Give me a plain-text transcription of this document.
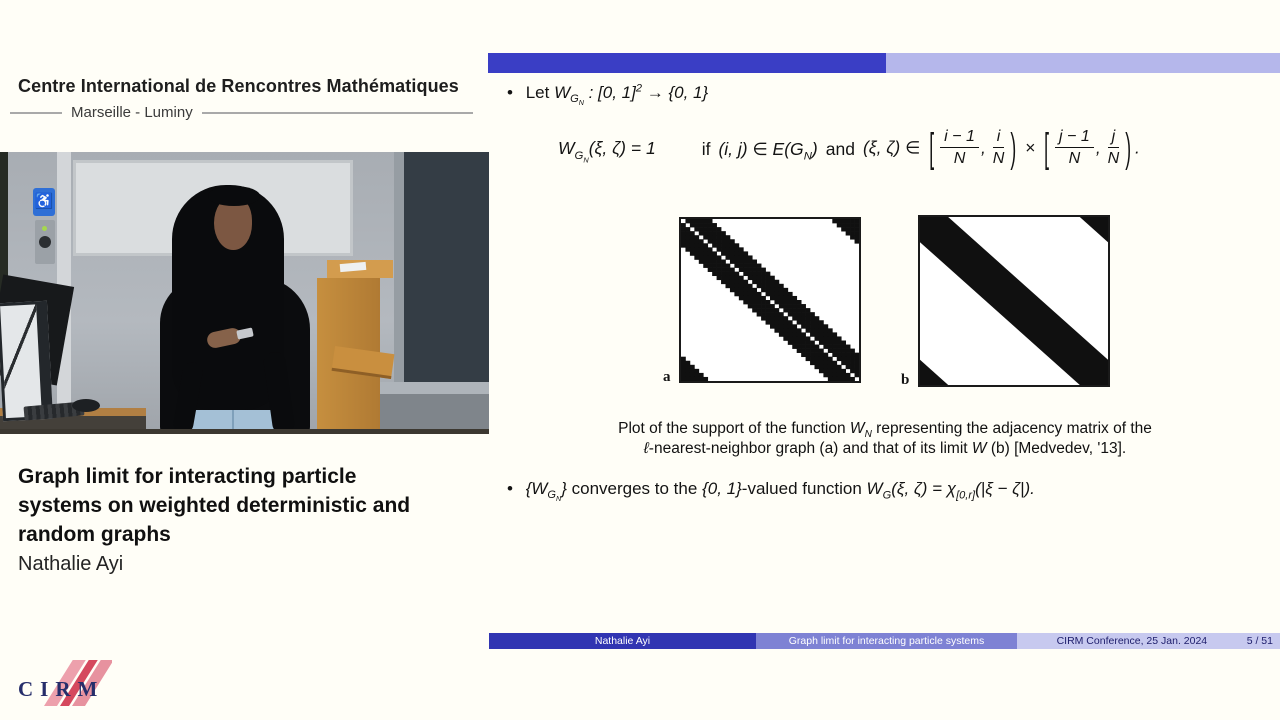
Centre International de Rencontres Mathématiques
Marseille - Luminy
♿
Graph limit for interacting particle systems on weighted deterministic and random graphs
Nathalie Ayi
CIRM
• Let $W_{G_N}$ : [0, 1]$^2$ → {0, 1}
$W_{G_N}(\xi$, ζ) = 1	if (i, j) ∈ $E(G_N)$ and (ξ, ζ) ∈ [ $\frac{i - 1}{N}$ , $\frac{i}{N}$ ) × [ $\frac{j - 1}{N}$ , $\frac{j}{N}$ ) .
a	b
Plot of the support of the function $W_N$ representing the adjacency matrix of the
ℓ-nearest-neighbor graph (a) and that of its limit W (b) [Medvedev, '13].
• $\{W_{G_N}\}$ converges to the {0, 1}-valued function $W_G(\xi$, $\zeta) = \chi_{[0,r]}(|\xi - \zeta|)$.
Nathalie Ayi	Graph limit for interacting particle systems	CIRM Conference, 25 Jan. 2024	5 / 51
